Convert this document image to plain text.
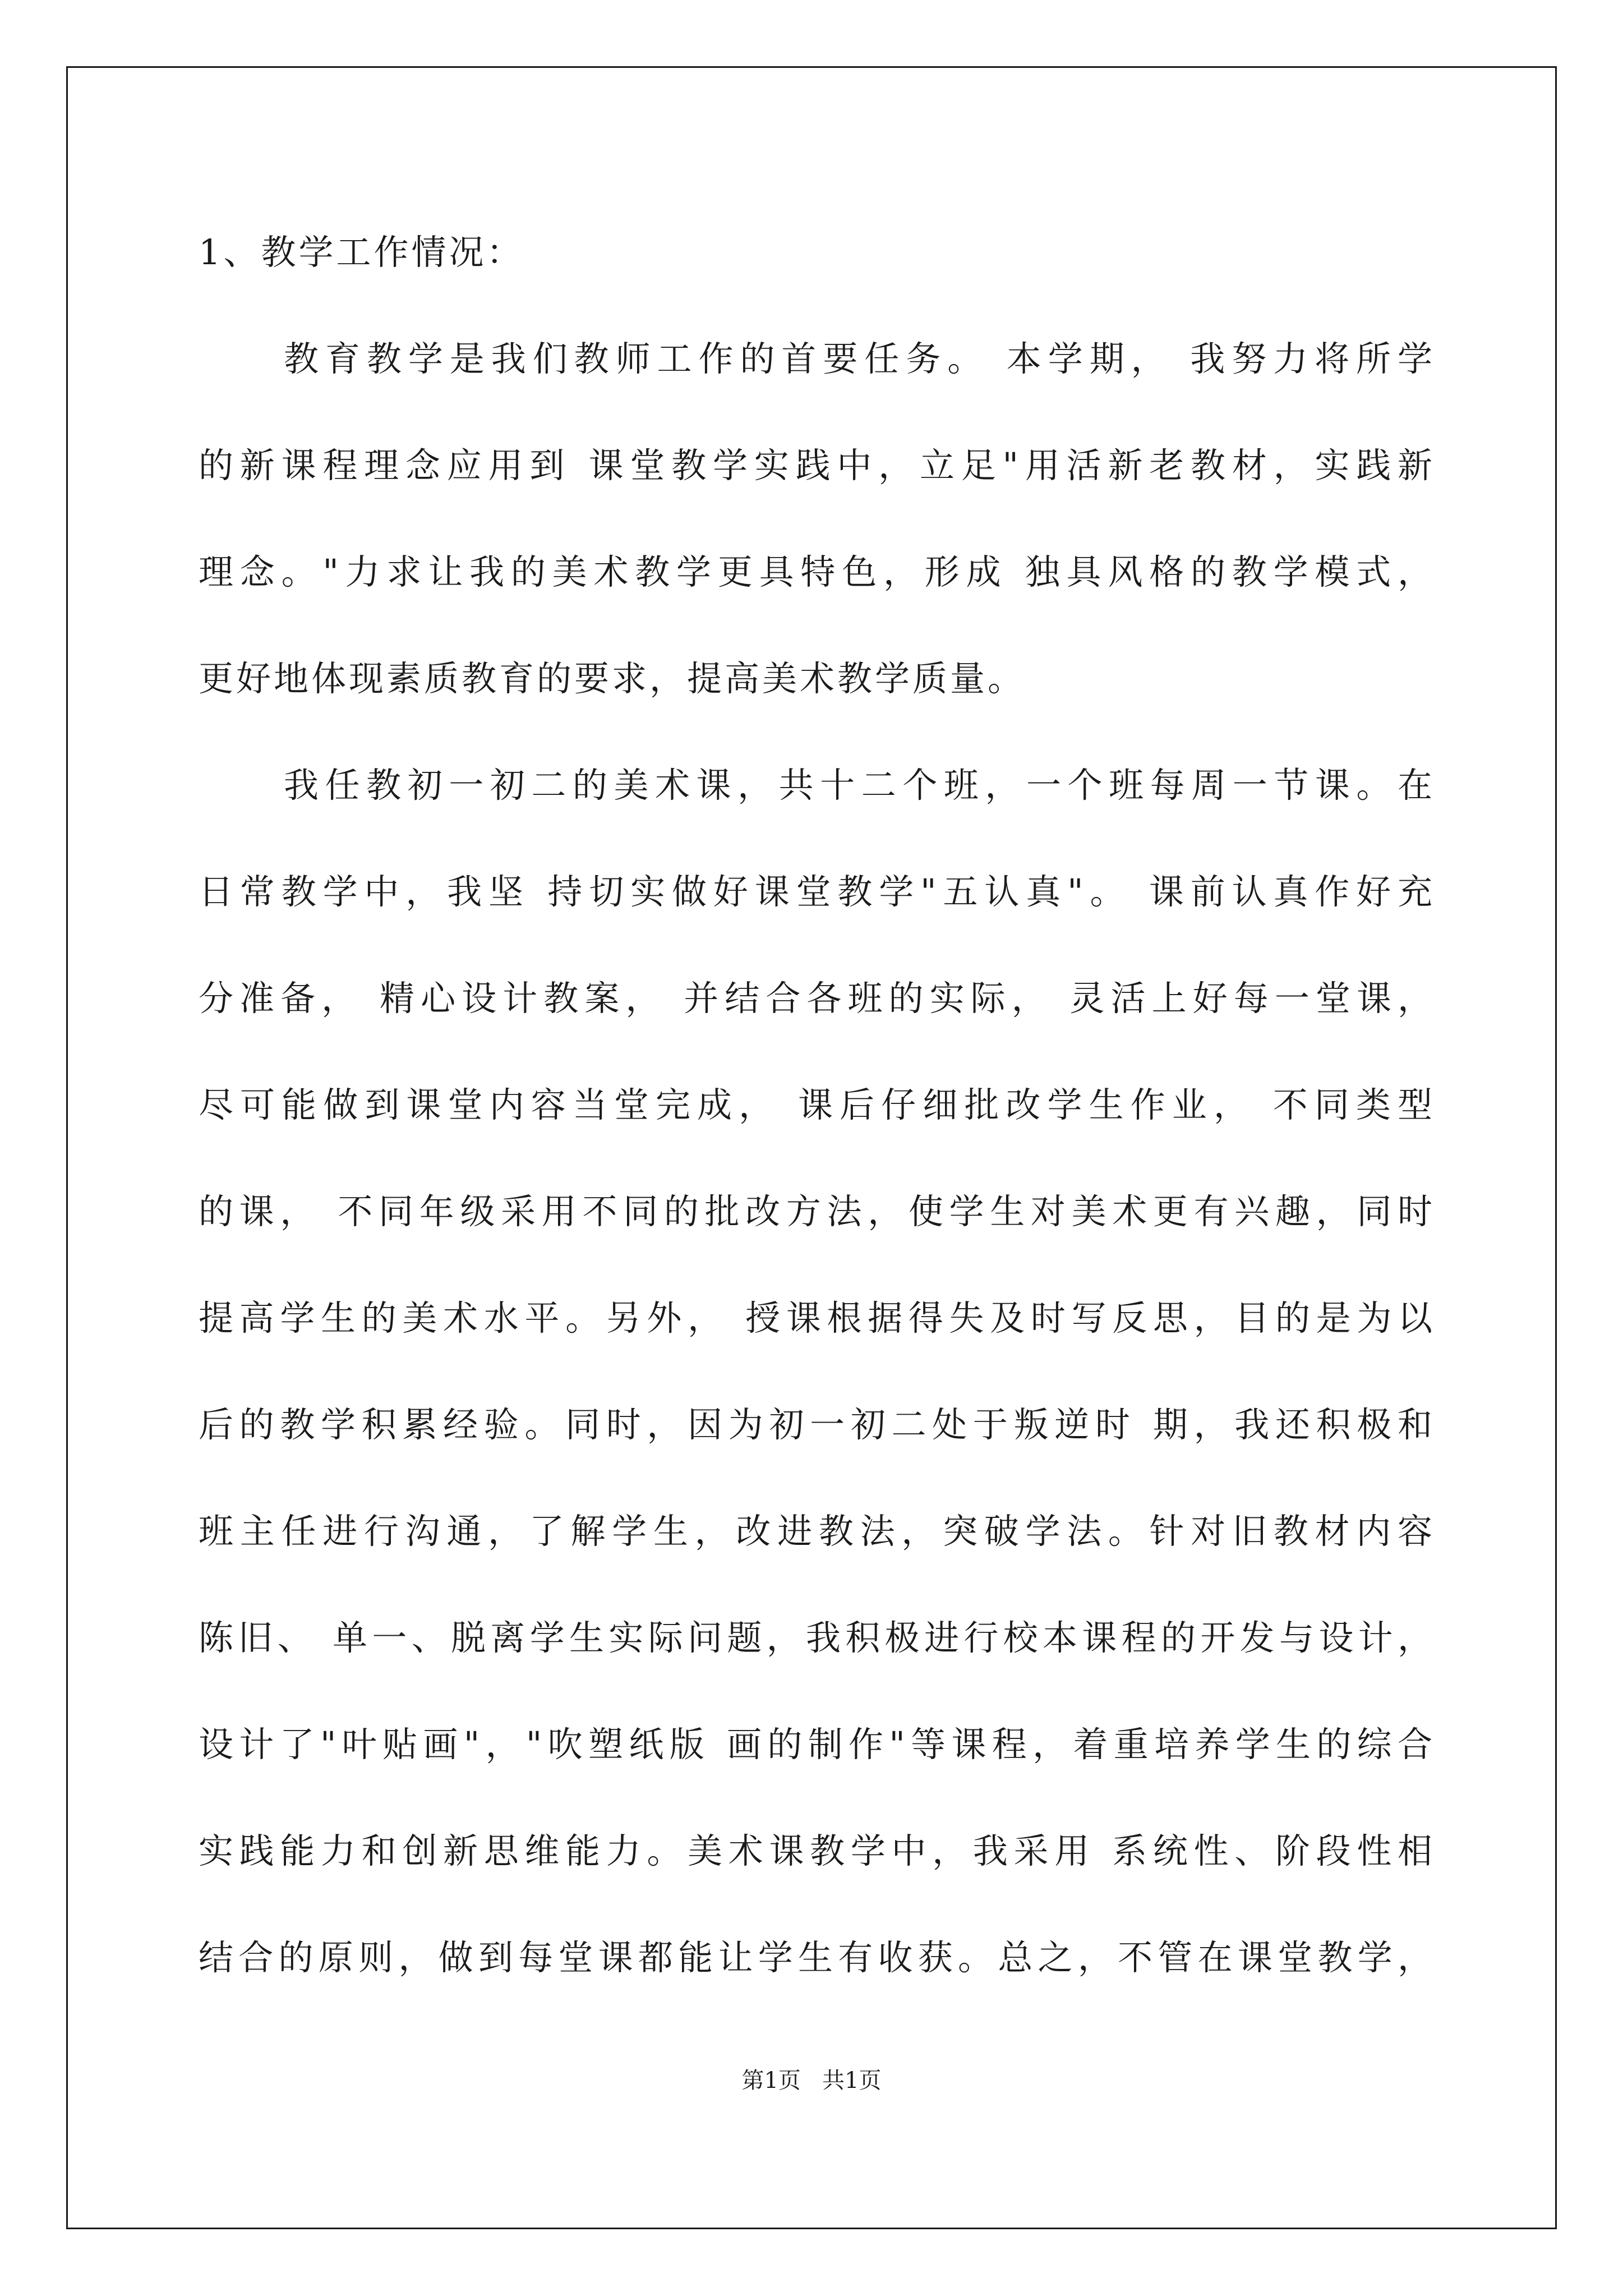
1、教学工作情况：
教育教学是我们教师工作的首要任务。 本学期， 我努力将所学
的新课程理念应用到 课堂教学实践中，立足"用活新老教材，实践新
理念。"力求让我的美术教学更具特色，形成 独具风格的教学模式，
更好地体现素质教育的要求，提高美术教学质量。
我任教初一初二的美术课，共十二个班，一个班每周一节课。在
日常教学中，我坚 持切实做好课堂教学"五认真"。 课前认真作好充
分准备， 精心设计教案， 并结合各班的实际， 灵活上好每一堂课，
尽可能做到课堂内容当堂完成， 课后仔细批改学生作业， 不同类型
的课， 不同年级采用不同的批改方法，使学生对美术更有兴趣，同时
提高学生的美术水平。另外， 授课根据得失及时写反思，目的是为以
后的教学积累经验。同时，因为初一初二处于叛逆时 期，我还积极和
班主任进行沟通，了解学生，改进教法，突破学法。针对旧教材内容
陈旧、 单一、脱离学生实际问题，我积极进行校本课程的开发与设计，
设计了"叶贴画"，"吹塑纸版 画的制作"等课程，着重培养学生的综合
实践能力和创新思维能力。美术课教学中，我采用 系统性、阶段性相
结合的原则，做到每堂课都能让学生有收获。总之，不管在课堂教学，
第1页   共1页
